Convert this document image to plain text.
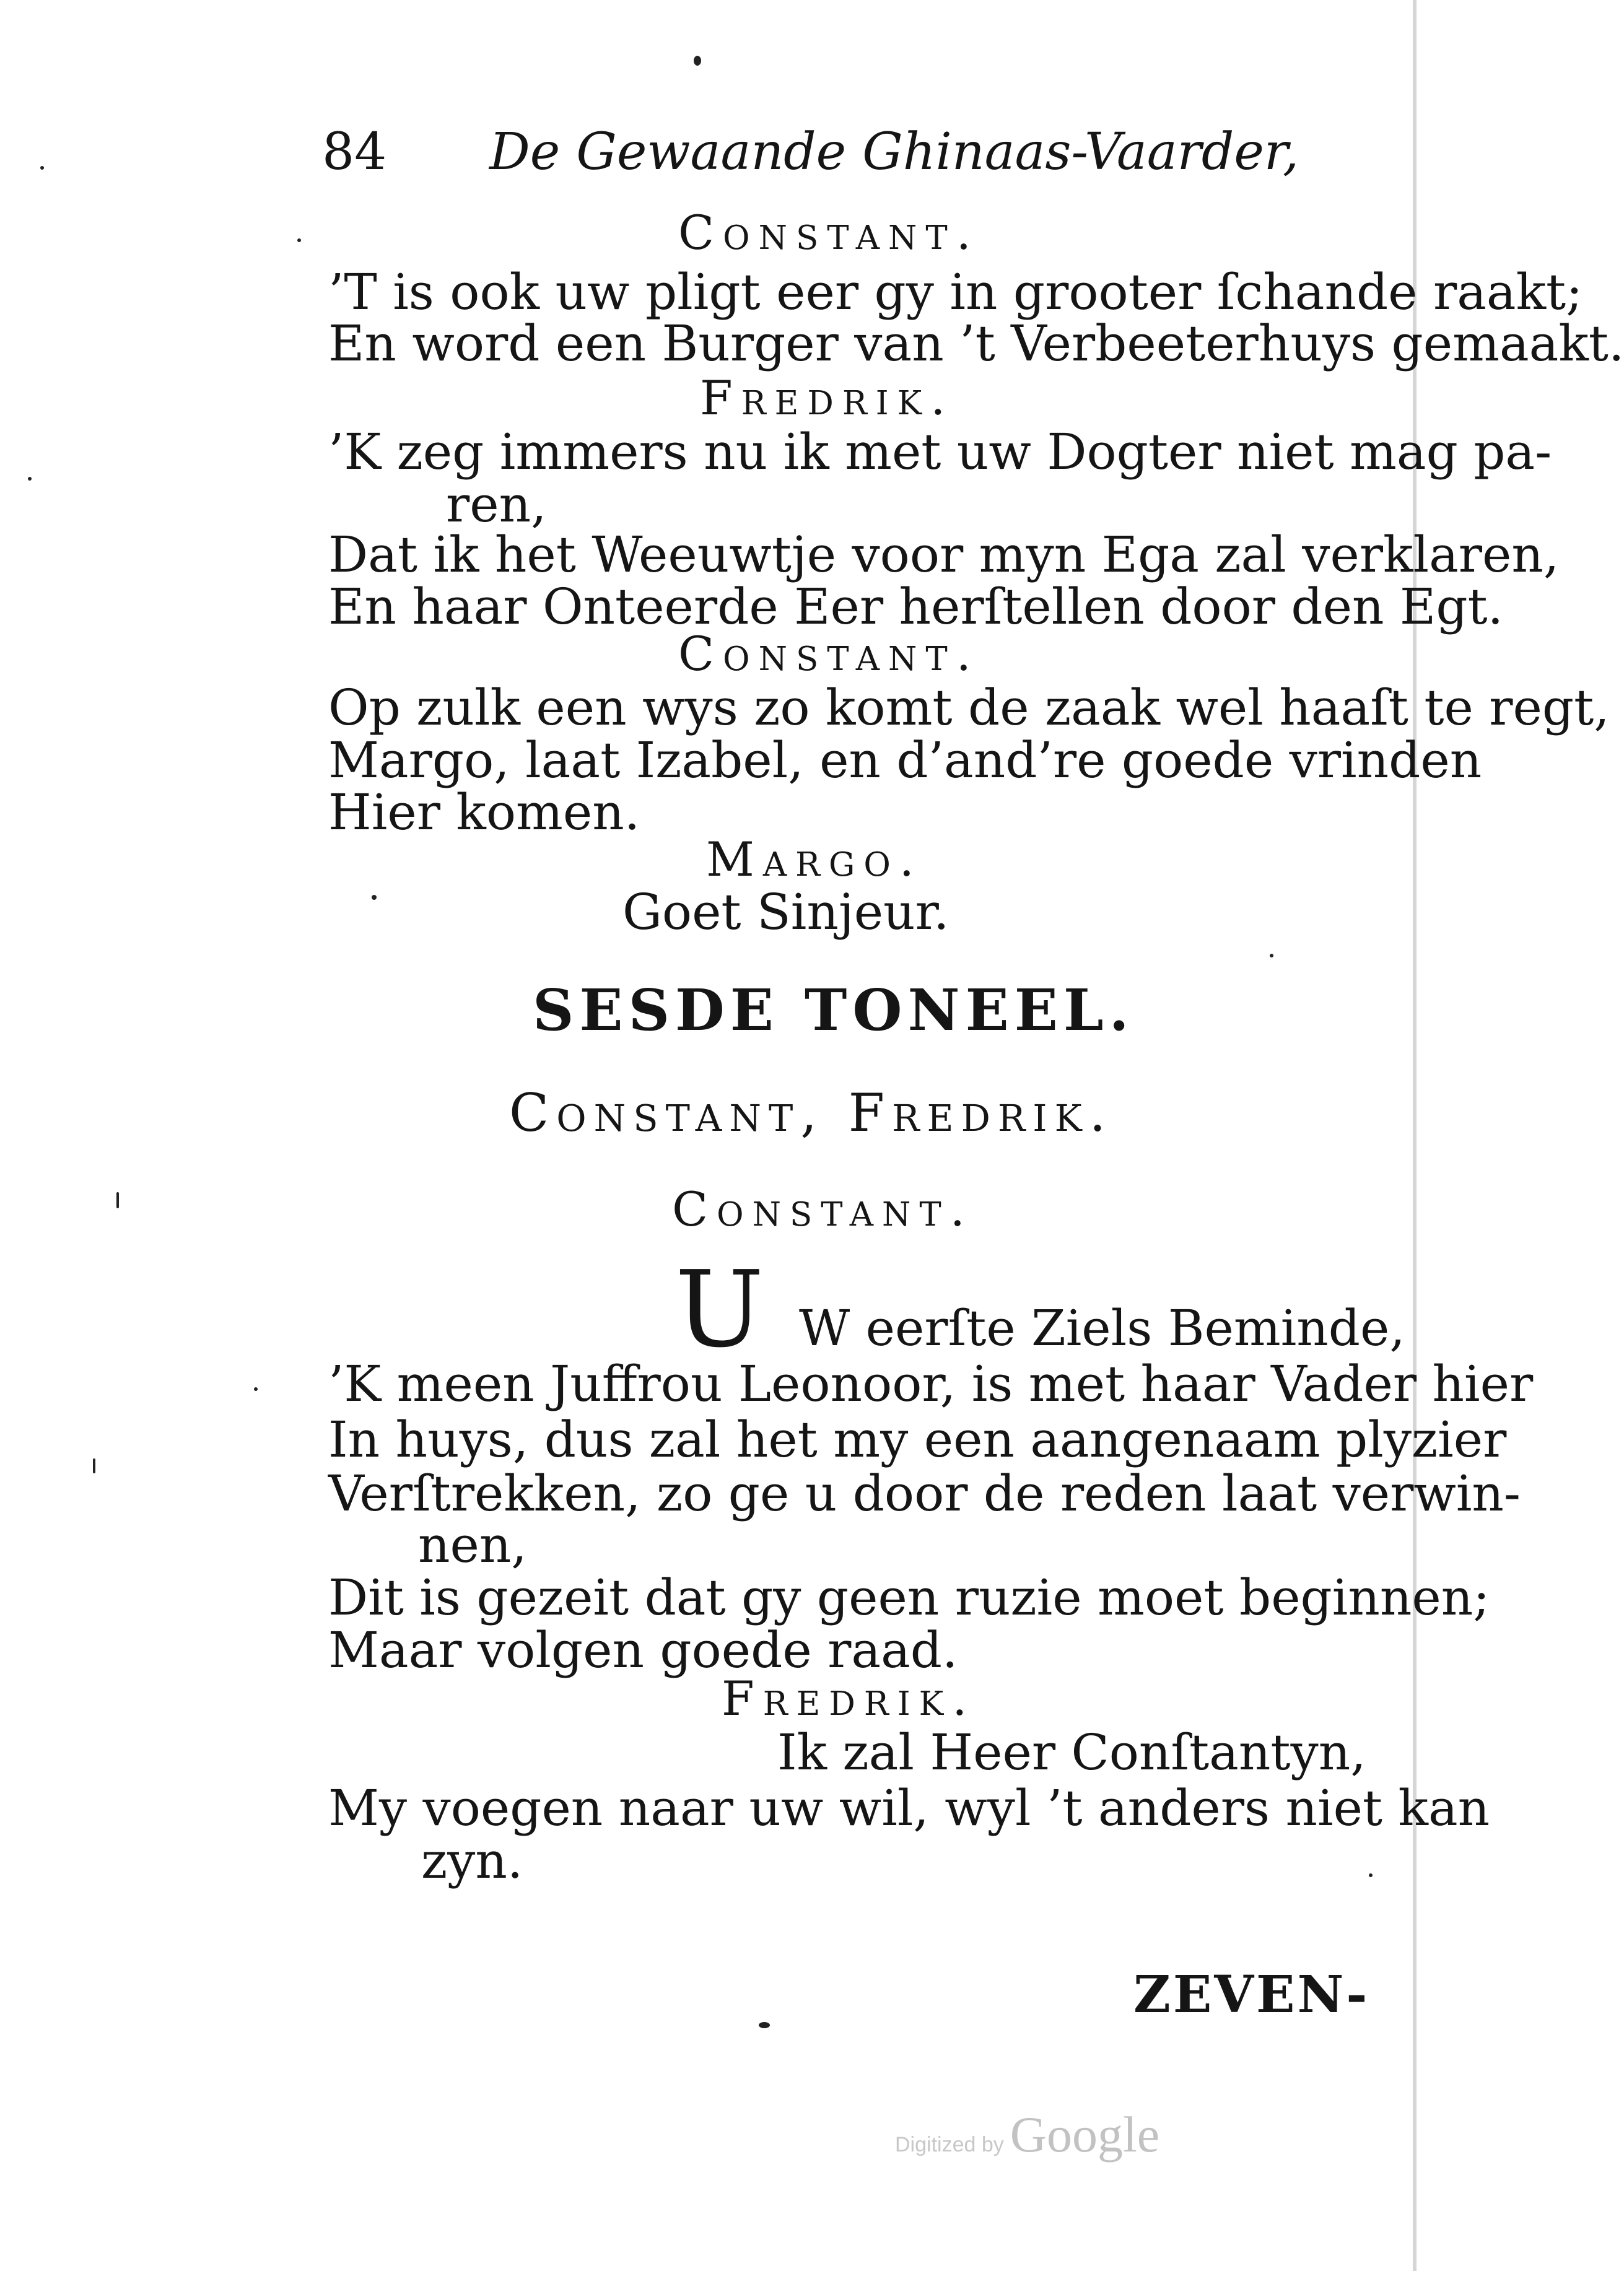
84 De Gewaande Ghinaas-Vaarder,
Constant.
’T is ook uw pligt eer gy in grooter ſchande raakt;
En word een Burger van ’t Verbeeterhuys gemaakt.
Fredrik.
’K zeg immers nu ik met uw Dogter niet mag pa-
ren,
Dat ik het Weeuwtje voor myn Ega zal verklaren,
En haar Onteerde Eer herſtellen door den Egt.
Constant.
Op zulk een wys zo komt de zaak wel haaſt te regt,
Margo, laat Izabel, en d’and’re goede vrinden
Hier komen.
Margo.
Goet Sinjeur.
SESDE TONEEL.
Constant, Fredrik.
Constant.
U W eerſte Ziels Beminde,
’K meen Juffrou Leonoor, is met haar Vader hier
In huys, dus zal het my een aangenaam plyzier
Verſtrekken, zo ge u door de reden laat verwin-
nen,
Dit is gezeit dat gy geen ruzie moet beginnen;
Maar volgen goede raad.
Fredrik.
Ik zal Heer Conſtantyn,
My voegen naar uw wil, wyl ’t anders niet kan
zyn.
ZEVEN-
Digitized by Google
